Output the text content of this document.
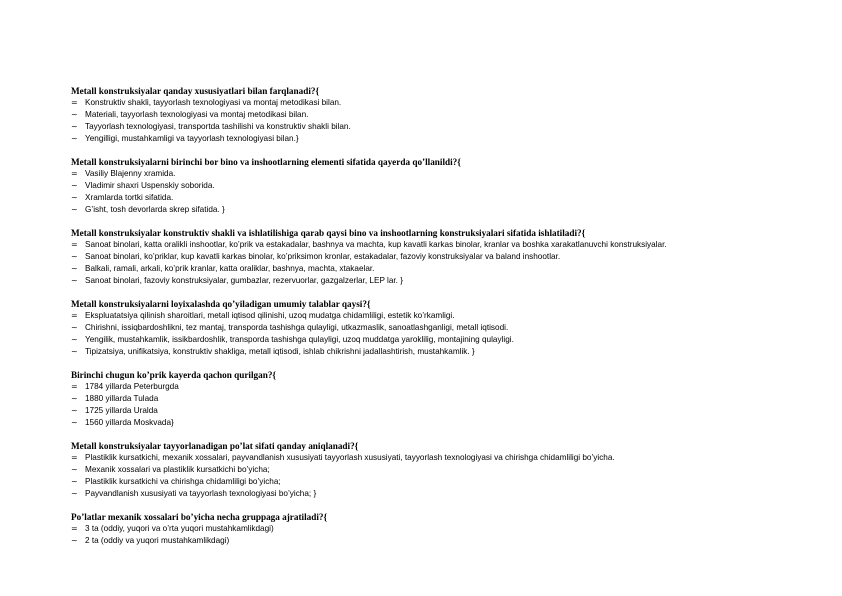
Metall konstruksiyalar qanday xususiyatlari bilan farqlanadi?{
= Konstruktiv shakli, tayyorlash texnologiyasi va montaj metodikasi bilan.
~ Materiali, tayyorlash texnologiyasi va montaj metodikasi bilan.
~ Tayyorlash texnologiyasi, transportda tashilishi va konstruktiv shakli bilan.
~ Yengilligi, mustahkamligi va tayyorlash texnologiyasi bilan.}
Metall konstruksiyalarni birinchi bor bino va inshootlarning elementi sifatida qayerda qo’llanildi?{
= Vasiliy Blajenny xramida.
~ Vladimir shaxri Uspenskiy soborida.
~ Xramlarda tortki sifatida.
~ G’isht, tosh devorlarda skrep sifatida. }
Metall konstruksiyalar konstruktiv shakli va ishlatilishiga qarab qaysi bino va inshootlarning konstruksiyalari sifatida ishlatiladi?{
= Sanoat binolari, katta oralikli inshootlar, ko’prik va estakadalar, bashnya va machta, kup kavatli karkas binolar, kranlar va boshka xarakatlanuvchi konstruksiyalar.
~ Sanoat binolari, ko’priklar, kup kavatli karkas binolar, ko’priksimon kronlar, estakadalar, fazoviy konstruksiyalar va baland inshootlar.
~ Balkali, ramali, arkali, ko’prik kranlar, katta oraliklar, bashnya, machta, xtakaelar.
~ Sanoat binolari, fazoviy konstruksiyalar, gumbazlar, rezervuorlar, gazgalzerlar, LEP lar. }
Metall konstruksiyalarni loyixalashda qo’yiladigan umumiy talablar qaysi?{
= Ekspluatatsiya qilinish sharoitlari, metall iqtisod qilinishi, uzoq mudatga chidamliligi, estetik ko’rkamligi.
~ Chirishni, issiqbardoshlikni, tez mantaj, transporda tashishga qulayligi, utkazmaslik, sanoatlashganligi, metall iqtisodi.
~ Yengilik, mustahkamlik, issikbardoshlik, transporda tashishga qulayligi, uzoq muddatga yaroklilig, montajining qulayligi.
~ Tipizatsiya, unifikatsiya, konstruktiv shakliga, metall iqtisodi, ishlab chikrishni jadallashtirish, mustahkamlik. }
Birinchi chugun ko’prik kayerda qachon qurilgan?{
= 1784 yillarda Peterburgda
~ 1880 yillarda Tulada
~ 1725 yillarda Uralda
~ 1560 yillarda Moskvada}
Metall konstruksiyalar tayyorlanadigan po’lat sifati qanday aniqlanadi?{
= Plastiklik kursatkichi, mexanik xossalari, payvandlanish xususiyati tayyorlash xususiyati, tayyorlash texnologiyasi va chirishga chidamliligi bo’yicha.
~ Mexanik xossalari va plastiklik kursatkichi bo’yicha;
~ Plastiklik kursatkichi va chirishga chidamliligi bo’yicha;
~ Payvandlanish xususiyati va tayyorlash texnologiyasi bo’yicha; }
Po’latlar mexanik xossalari bo’yicha necha gruppaga ajratiladi?{
= 3 ta (oddiy, yuqori va o’rta yuqori mustahkamlikdagi)
~ 2 ta (oddiy va yuqori mustahkamlikdagi)
